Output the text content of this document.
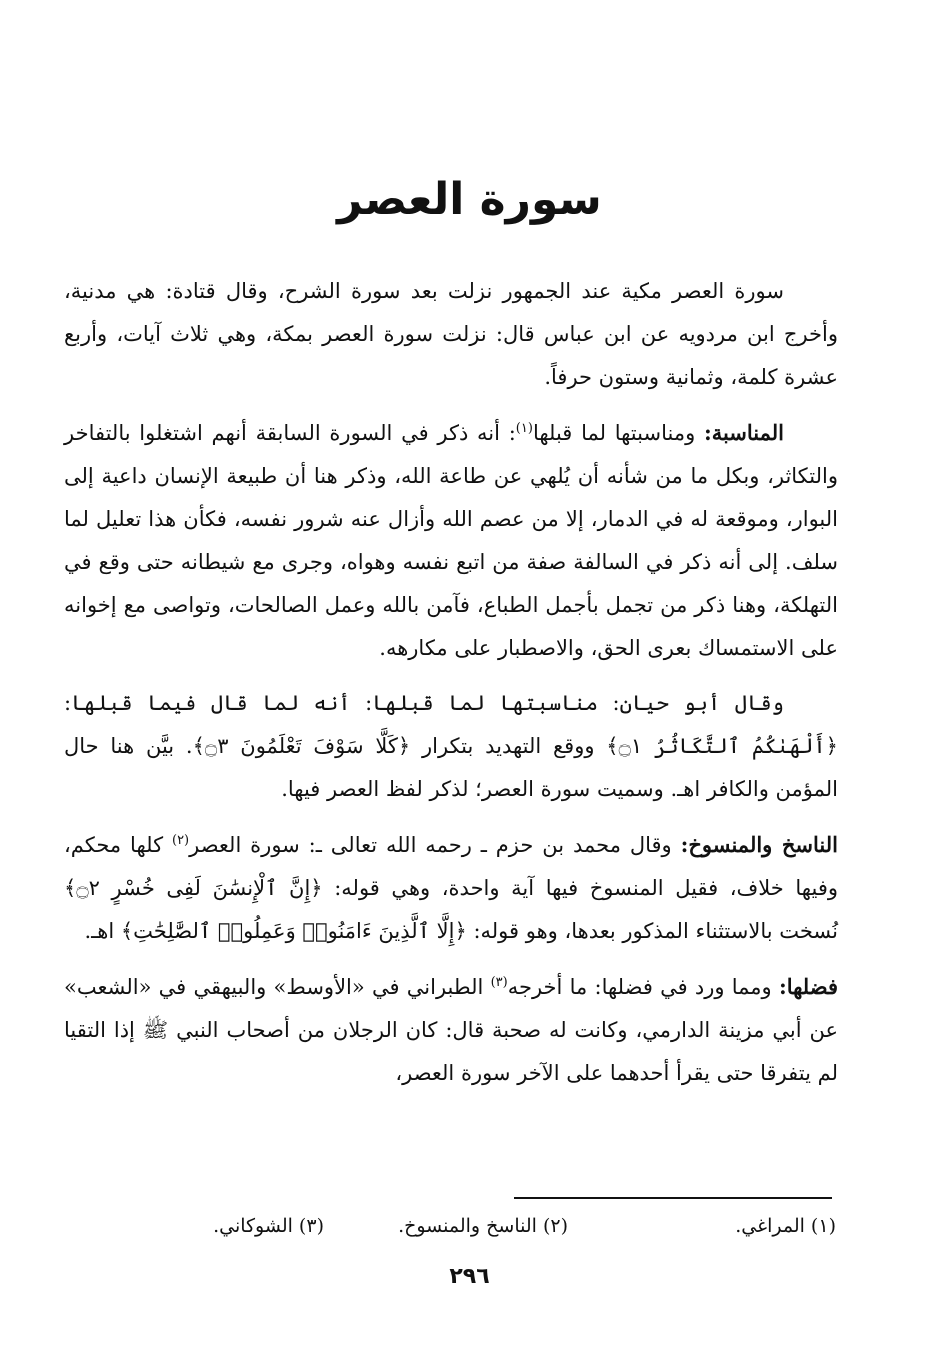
سورة العصر

سورة العصر مكية عند الجمهور نزلت بعد سورة الشرح، وقال قتادة: هي مدنية، وأخرج ابن مردويه عن ابن عباس قال: نزلت سورة العصر بمكة، وهي ثلاث آيات، وأربع عشرة كلمة، وثمانية وستون حرفاً.

المناسبة: ومناسبتها لما قبلها$^{(١)}$: أنه ذكر في السورة السابقة أنهم اشتغلوا بالتفاخر والتكاثر، وبكل ما من شأنه أن يُلهي عن طاعة الله، وذكر هنا أن طبيعة الإنسان داعية إلى البوار، وموقعة له في الدمار، إلا من عصم الله وأزال عنه شرور نفسه، فكأن هذا تعليل لما سلف. إلى أنه ذكر في السالفة صفة من اتبع نفسه وهواه، وجرى مع شيطانه حتى وقع في التهلكة، وهنا ذكر من تجمل بأجمل الطباع، فآمن بالله وعمل الصالحات، وتواصى مع إخوانه على الاستمساك بعرى الحق، والاصطبار على مكارهه.

وقال أبو حيان: مناسبتها لما قبلها: أنه لما قال فيما قبلها: ﴿أَلْهَىٰكُمُ ٱلتَّكَاثُرُ ۝١﴾ ووقع التهديد بتكرار ﴿كَلَّا سَوْفَ تَعْلَمُونَ ۝٣﴾. بيَّن هنا حال المؤمن والكافر اهـ. وسميت سورة العصر؛ لذكر لفظ العصر فيها.

الناسخ والمنسوخ: وقال محمد بن حزم ـ رحمه الله تعالى ـ: سورة العصر$^{(٢)}$ كلها محكم، وفيها خلاف، فقيل المنسوخ فيها آية واحدة، وهي قوله: ﴿إِنَّ ٱلْإِنسَٰنَ لَفِى خُسْرٍ ۝٢﴾ نُسخت بالاستثناء المذكور بعدها، وهو قوله: ﴿إِلَّا ٱلَّذِينَ ءَامَنُوا۟ وَعَمِلُوا۟ ٱلصَّٰلِحَٰتِ﴾ اهـ.

فضلها: ومما ورد في فضلها: ما أخرجه$^{(٣)}$ الطبراني في «الأوسط» والبيهقي في «الشعب» عن أبي مزينة الدارمي، وكانت له صحبة قال: كان الرجلان من أصحاب النبي ﷺ إذا التقيا لم يتفرقا حتى يقرأ أحدهما على الآخر سورة العصر،

(١) المراغي.
(٢) الناسخ والمنسوخ.
(٣) الشوكاني.
٢٩٦
